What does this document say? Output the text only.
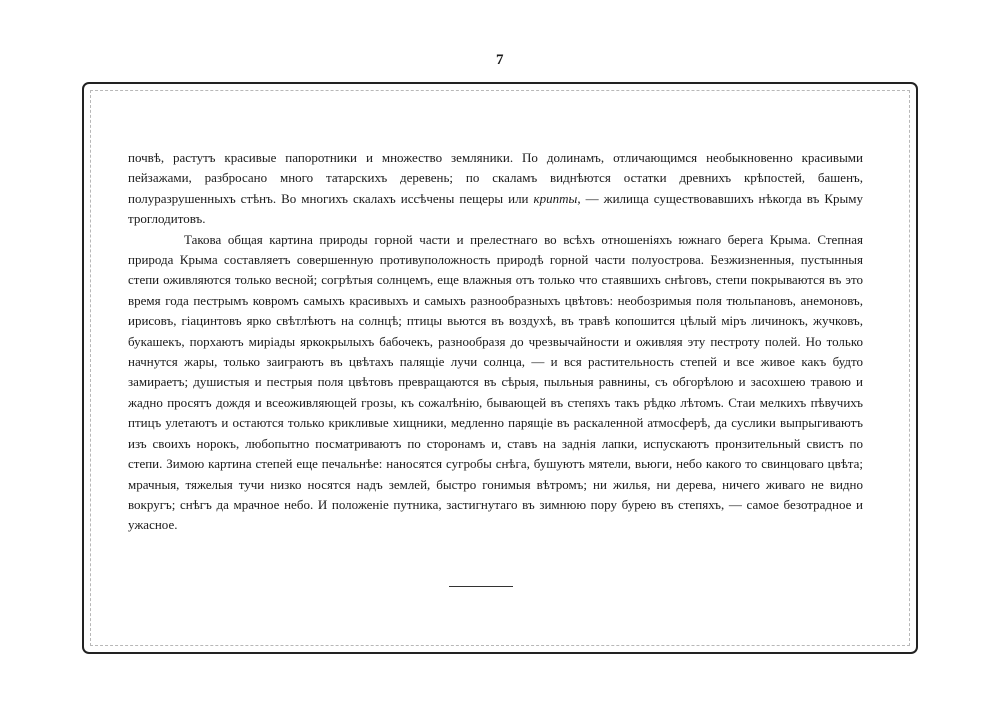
7

почвѣ, растутъ красивые папоротники и множество земляники. По долинамъ, отличающимся необыкновенно красивыми пейзажами, разбросано много татарскихъ деревень; по скаламъ виднѣются остатки древнихъ крѣпостей, башенъ, полуразрушенныхъ стѣнъ. Во многихъ скалахъ иссѣчены пещеры или крипты, — жилища существовавшихъ нѣкогда въ Крыму троглодитовъ.

Такова общая картина природы горной части и прелестнаго во всѣхъ отношеніяхъ южнаго берега Крыма. Степная природа Крыма составляетъ совершенную противуположность природѣ горной части полуострова. Безжизненныя, пустынныя степи оживляются только весной; согрѣтыя солнцемъ, еще влажныя отъ только что стаявшихъ снѣговъ, степи покрываются въ это время года пестрымъ ковромъ самыхъ красивыхъ и самыхъ разнообразныхъ цвѣтовъ: необозримыя поля тюльпановъ, анемоновъ, ирисовъ, гіацинтовъ ярко свѣтлѣютъ на солнцѣ; птицы вьются въ воздухѣ, въ травѣ копошится цѣлый міръ личинокъ, жучковъ, букашекъ, порхаютъ миріады яркокрылыхъ бабочекъ, разнообразя до чрезвычайности и оживляя эту пестроту полей. Но только начнутся жары, только заиграютъ въ цвѣтахъ палящіе лучи солнца, — и вся растительность степей и все живое какъ будто замираетъ; душистыя и пестрыя поля цвѣтовъ превращаются въ сѣрыя, пыльныя равнины, съ обгорѣлою и засохшею травою и жадно просятъ дождя и всеоживляющей грозы, къ сожалѣнію, бывающей въ степяхъ такъ рѣдко лѣтомъ. Стаи мелкихъ пѣвучихъ птицъ улетаютъ и остаются только крикливые хищники, медленно парящіе въ раскаленной атмосферѣ, да суслики выпрыгиваютъ изъ своихъ норокъ, любопытно посматриваютъ по сторонамъ и, ставъ на заднія лапки, испускаютъ пронзительный свистъ по степи. Зимою картина степей еще печальнѣе: наносятся сугробы снѣга, бушуютъ мятели, вьюги, небо какого то свинцоваго цвѣта; мрачныя, тяжелыя тучи низко носятся надъ землей, быстро гонимыя вѣтромъ; ни жилья, ни дерева, ничего живаго не видно вокругъ; снѣгъ да мрачное небо. И положеніе путника, застигнутаго въ зимнюю пору бурею въ степяхъ, — самое безотрадное и ужасное.
